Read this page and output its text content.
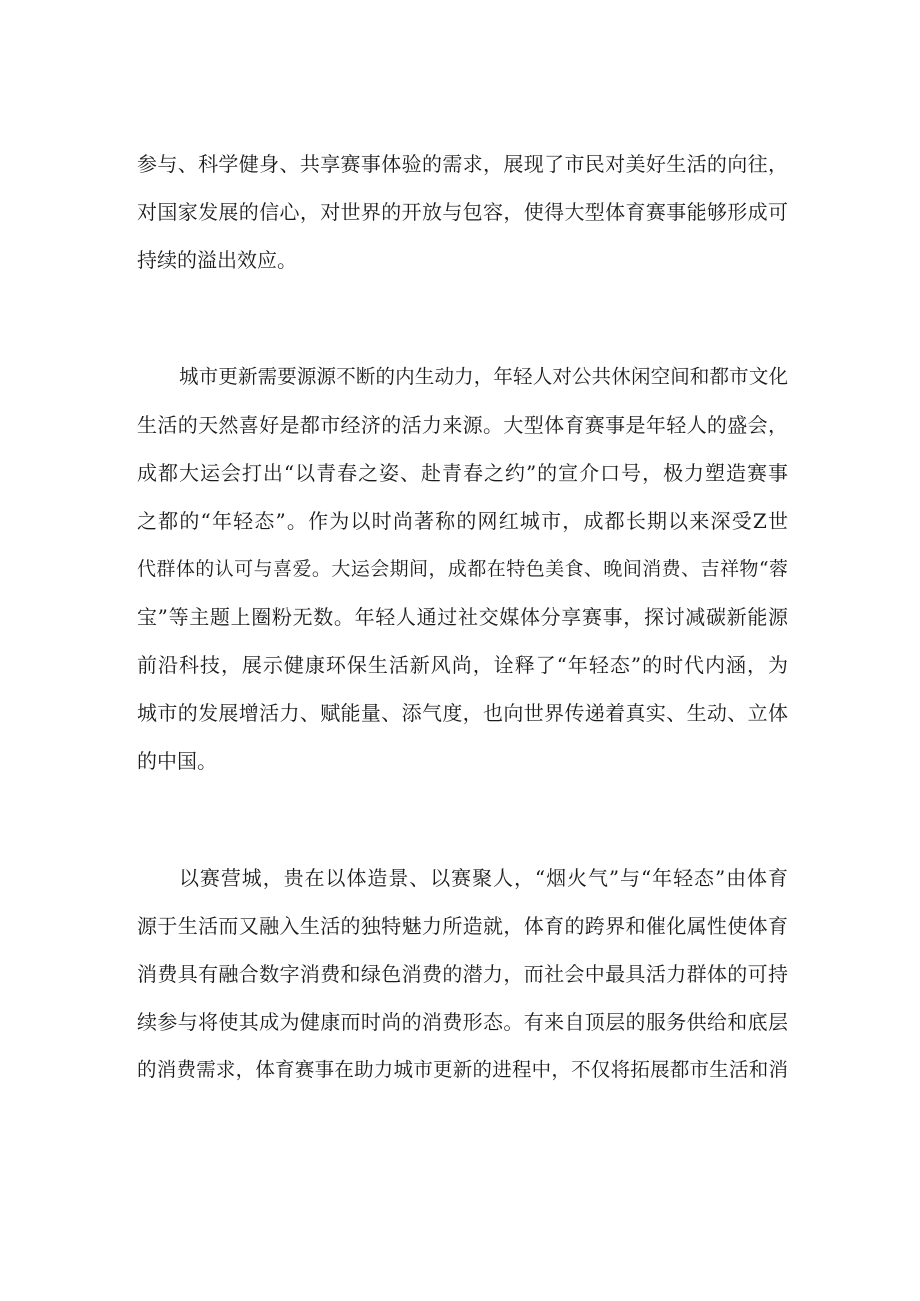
参与、科学健身、共享赛事体验的需求，展现了市民对美好生活的向往，
对国家发展的信心，对世界的开放与包容，使得大型体育赛事能够形成可
持续的溢出效应。
城市更新需要源源不断的内生动力，年轻人对公共休闲空间和都市文化
生活的天然喜好是都市经济的活力来源。大型体育赛事是年轻人的盛会，
成都大运会打出“以青春之姿、赴青春之约”的宣介口号，极力塑造赛事
之都的“年轻态”。作为以时尚著称的网红城市，成都长期以来深受Z世
代群体的认可与喜爱。大运会期间，成都在特色美食、晚间消费、吉祥物“蓉
宝”等主题上圈粉无数。年轻人通过社交媒体分享赛事，探讨减碳新能源
前沿科技，展示健康环保生活新风尚，诠释了“年轻态”的时代内涵，为
城市的发展增活力、赋能量、添气度，也向世界传递着真实、生动、立体
的中国。
以赛营城，贵在以体造景、以赛聚人，“烟火气”与“年轻态”由体育
源于生活而又融入生活的独特魅力所造就，体育的跨界和催化属性使体育
消费具有融合数字消费和绿色消费的潜力，而社会中最具活力群体的可持
续参与将使其成为健康而时尚的消费形态。有来自顶层的服务供给和底层
的消费需求，体育赛事在助力城市更新的进程中，不仅将拓展都市生活和消
